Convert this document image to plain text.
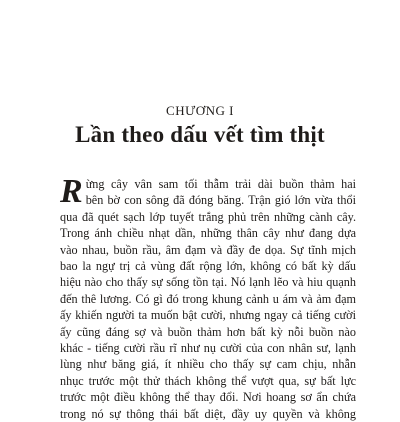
CHƯƠNG I
Lần theo dấu vết tìm thịt
R ừng cây vân sam tối thẫm trải dài buồn thảm hai
bên bờ con sông đã đóng băng. Trận gió lớn vừa thổi
qua đã quét sạch lớp tuyết trắng phủ trên những cành cây.
Trong ánh chiều nhạt dần, những thân cây như đang dựa
vào nhau, buồn rầu, âm đạm và đầy đe dọa. Sự tĩnh mịch
bao la ngự trị cả vùng đất rộng lớn, không có bất kỳ dấu
hiệu nào cho thấy sự sống tồn tại. Nó lạnh lẽo và hiu quạnh
đến thê lương. Có gì đó trong khung cảnh u ám và ảm đạm
ấy khiến người ta muốn bật cười, nhưng ngay cả tiếng cười
ấy cũng đáng sợ và buồn thảm hơn bất kỳ nỗi buồn nào
khác - tiếng cười rầu rĩ như nụ cười của con nhân sư, lạnh
lùng như băng giá, ít nhiều cho thấy sự cam chịu, nhẫn
nhục trước một thử thách không thể vượt qua, sự bất lực
trước một điều không thể thay đổi. Nơi hoang sơ ẩn chứa
trong nó sự thông thái bất diệt, đầy uy quyền và không
